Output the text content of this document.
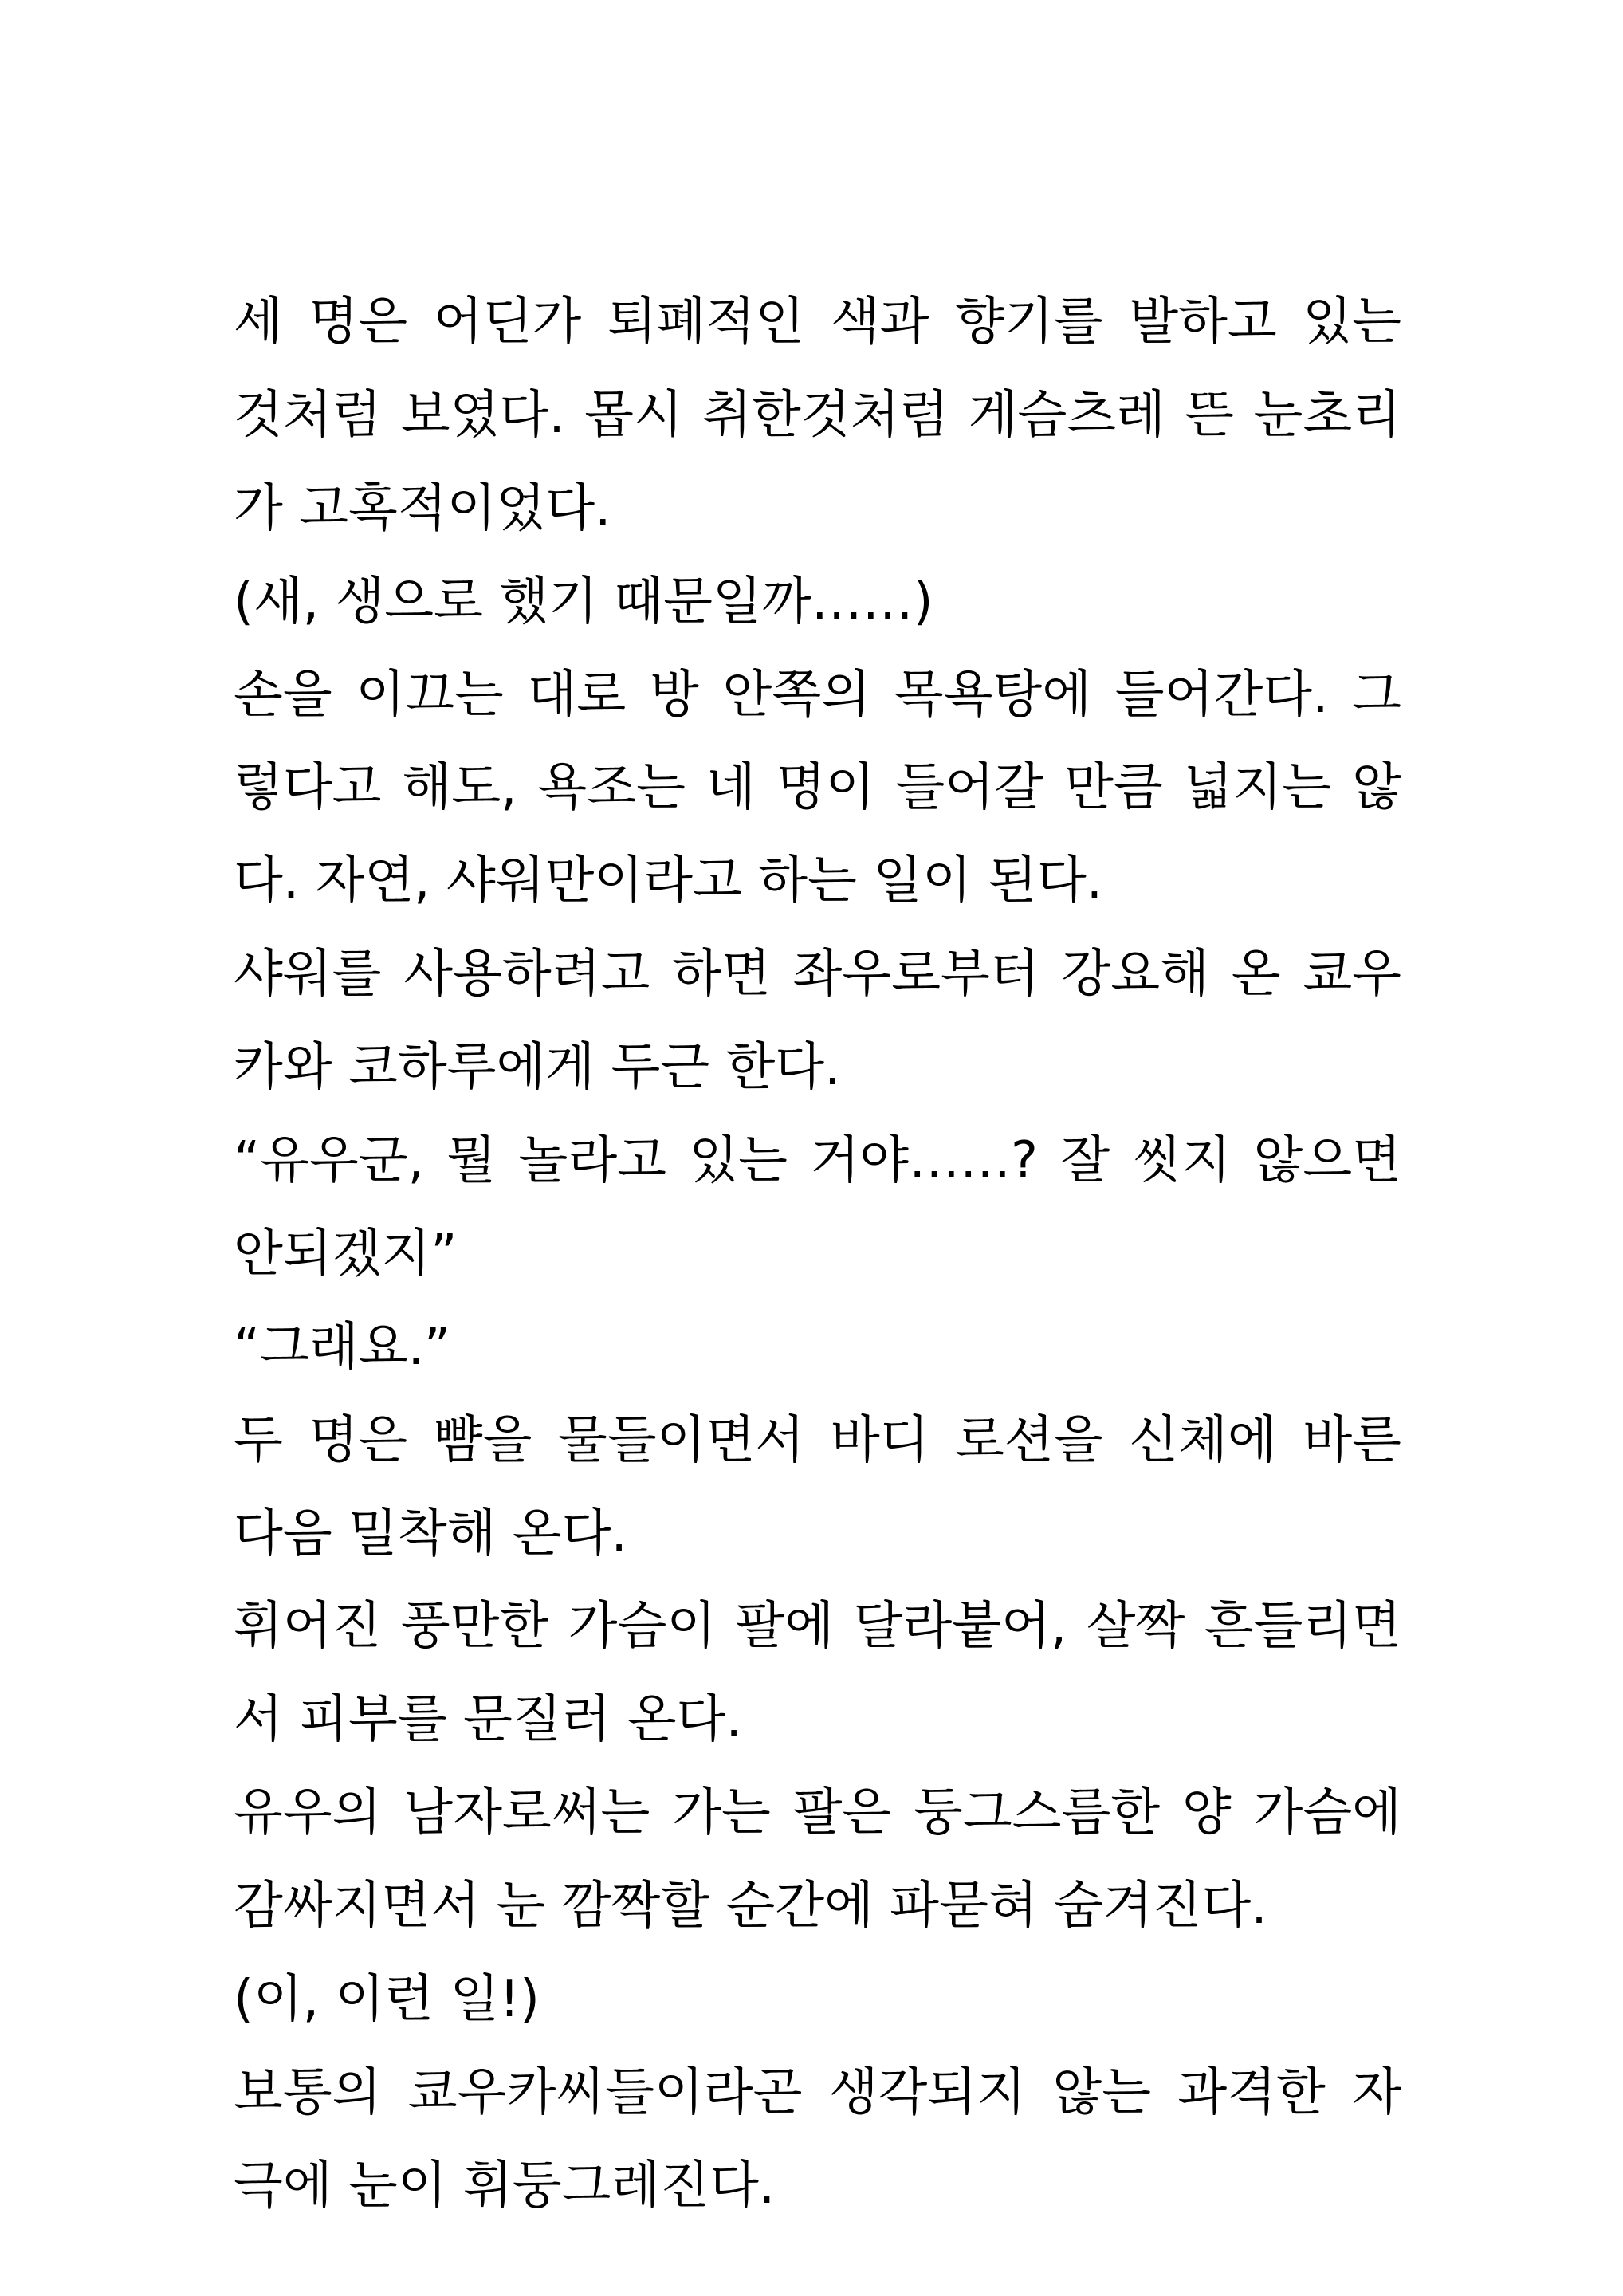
세 명은 어딘가 퇴폐적인 색과 향기를 발하고 있는
것처럼 보였다. 몹시 취한것처럼 게슴츠레 뜬 눈초리
가 고혹적이었다.
(새, 생으로 했기 때문일까……)
손을 이끄는 대로 방 안쪽의 목욕탕에 들어간다. 그
렇다고 해도, 욕조는 네 명이 들어갈 만큼 넓지는 않
다. 자연, 샤워만이라고 하는 일이 된다.
샤워를 사용하려고 하면 좌우로부터 강요해 온 쿄우
카와 코하루에게 두근 한다.
“유우군, 뭘 놀라고 있는 거야……? 잘 씻지 않으면
안되겠지”
“그래요.”
두 명은 뺨을 물들이면서 바디 로션을 신체에 바른
다음 밀착해 온다.
휘어진 풍만한 가슴이 팔에 달라붙어, 살짝 흔들리면
서 피부를 문질러 온다.
유우의 남자로써는 가는 팔은 둥그스름한 양 가슴에
감싸지면서 눈 깜짝할 순간에 파묻혀 숨겨진다.
(이, 이런 일!)
보통의 쿄우카씨들이라곤 생각되지 않는 과격한 자
극에 눈이 휘둥그레진다.
